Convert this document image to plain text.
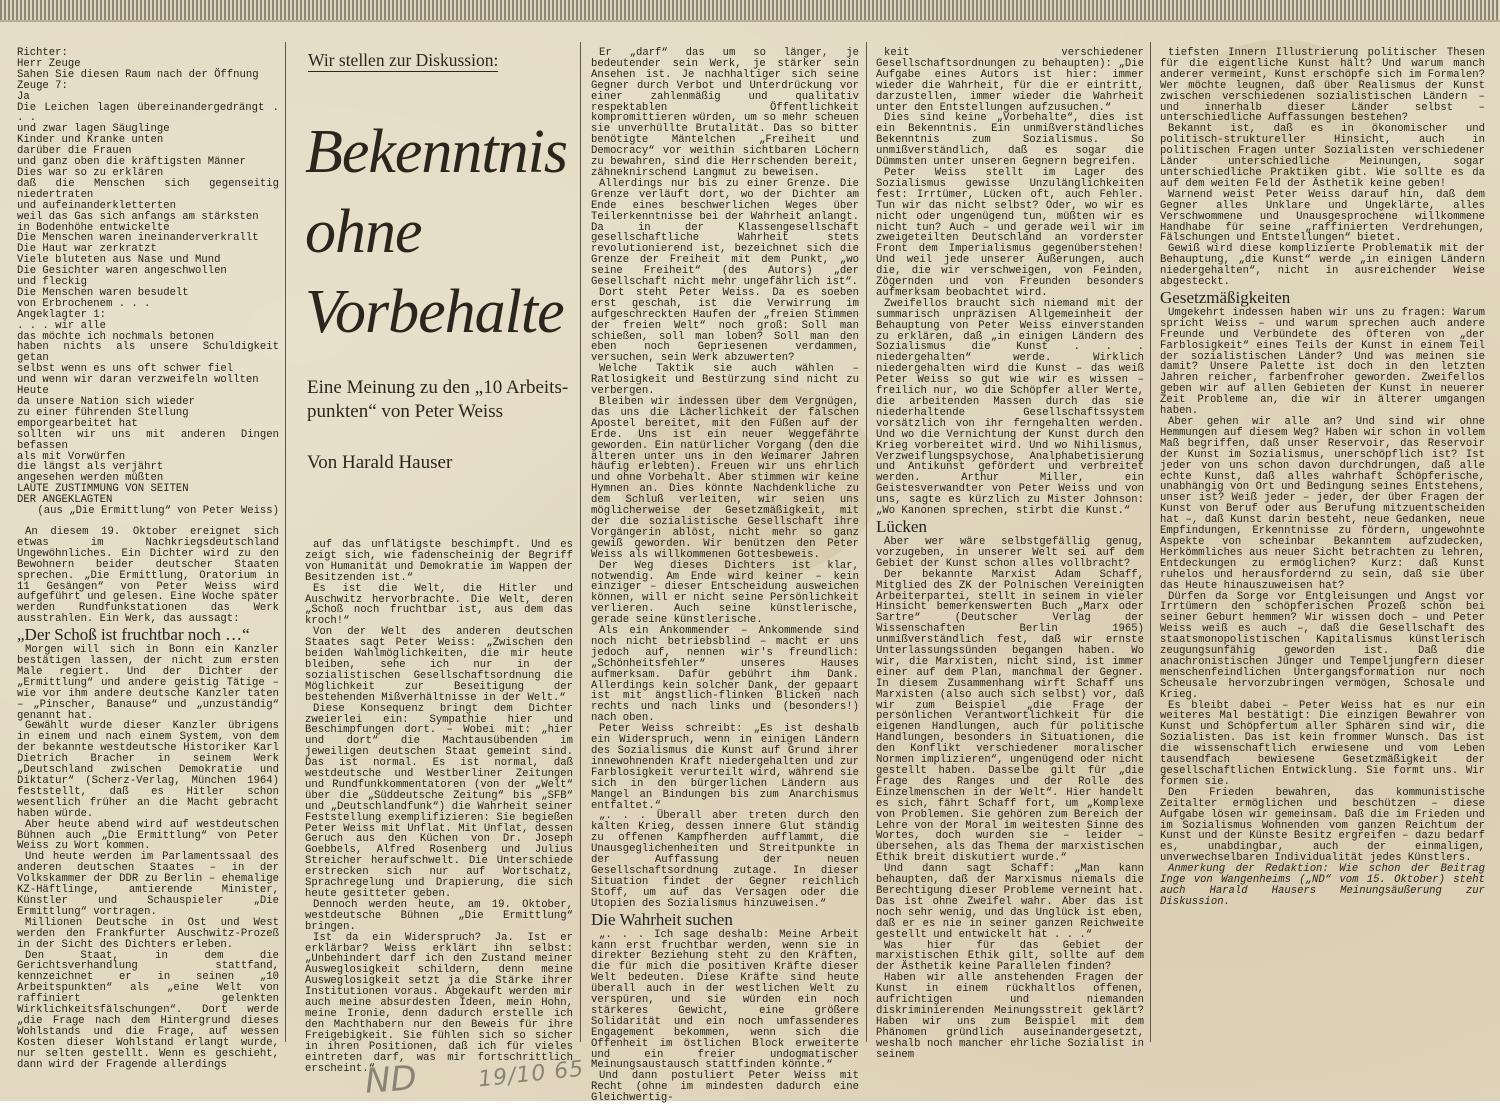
Richter:
Herr Zeuge
Sahen Sie diesen Raum nach der Öffnung
Zeuge 7:
Ja
Die Leichen lagen übereinandergedrängt . . .
und zwar lagen Säuglinge
Kinder und Kranke unten
darüber die Frauen
und ganz oben die kräftigsten Männer
Dies war so zu erklären
daß die Menschen sich gegenseitig niedertraten
und aufeinanderkletterten
weil das Gas sich anfangs am stärksten
in Bodenhöhe entwickelte
Die Menschen waren ineinanderverkrallt
Die Haut war zerkratzt
Viele bluteten aus Nase und Mund
Die Gesichter waren angeschwollen
und fleckig
Die Menschen waren besudelt
von Erbrochenem . . .
Angeklagter 1:
. . . wir alle
das möchte ich nochmals betonen
haben nichts als unsere Schuldigkeit getan
selbst wenn es uns oft schwer fiel
und wenn wir daran verzweifeln wollten
Heute
da unsere Nation sich wieder
zu einer führenden Stellung
emporgearbeitet hat
sollten wir uns mit anderen Dingen befassen
als mit Vorwürfen
die längst als verjährt
angesehen werden müßten

LAUTE ZUSTIMMUNG VON SEITEN

DER ANGEKLAGTEN

(aus „Die Ermittlung“ von Peter Weiss)

An diesem 19. Oktober ereignet sich etwas im Nachkriegsdeutschland Ungewöhnliches. Ein Dichter wird zu den Bewohnern beider deutscher Staaten sprechen. „Die Ermittlung, Oratorium in 11 Gesängen“ von Peter Weiss wird aufgeführt und gelesen. Eine Woche später werden Rundfunkstationen das Werk ausstrahlen. Ein Werk, das aussagt:

„Der Schoß ist fruchtbar noch …“

Morgen will sich in Bonn ein Kanzler bestätigen lassen, der nicht zum ersten Male regiert. Und der Dichter der „Ermittlung“ und andere geistig Tätige – wie vor ihm andere deutsche Kanzler taten – „Pinscher, Banause“ und „unzuständig“ genannt hat.

Gewählt wurde dieser Kanzler übrigens in einem und nach einem System, von dem der bekannte westdeutsche Historiker Karl Dietrich Bracher in seinem Werk „Deutschland zwischen Demokratie und Diktatur“ (Scherz-Verlag, München 1964) feststellt, daß es Hitler schon wesentlich früher an die Macht gebracht haben würde.

Aber heute abend wird auf westdeutschen Bühnen auch „Die Ermittlung“ von Peter Weiss zu Wort kommen.

Und heute werden im Parlamentssaal des anderen deutschen Staates – in der Volkskammer der DDR zu Berlin – ehemalige KZ-Häftlinge, amtierende Minister, Künstler und Schauspieler „Die Ermittlung“ vortragen.

Millionen Deutsche in Ost und West werden den Frankfurter Auschwitz-Prozeß in der Sicht des Dichters erleben.

Den Staat, in dem die Gerichtsverhandlung stattfand, kennzeichnet er in seinen „10 Arbeitspunkten“ als „eine Welt von raffiniert gelenkten Wirklichkeitsfälschungen“. Dort werde „die Frage nach dem Hintergrund dieses Wohlstands und die Frage, auf wessen Kosten dieser Wohlstand erlangt wurde, nur selten gestellt. Wenn es geschieht, dann wird der Fragende allerdings

Wir stellen zur Diskussion:
Bekenntnis
ohne
Vorbehalte
Eine Meinung zu den „10 Arbeitspunkten“ von Peter Weiss
Von Harald Hauser

auf das unflätigste beschimpft. Und es zeigt sich, wie fadenscheinig der Begriff von Humanität und Demokratie im Wappen der Besitzenden ist.“

Es ist die Welt, die Hitler und Auschwitz hervorbrachte. Die Welt, deren „Schoß noch fruchtbar ist, aus dem das kroch!“

Von der Welt des anderen deutschen Staates sagt Peter Weiss: „Zwischen den beiden Wahlmöglichkeiten, die mir heute bleiben, sehe ich nur in der sozialistischen Gesellschaftsordnung die Möglichkeit zur Beseitigung der bestehenden Mißverhältnisse in der Welt.“

Diese Konsequenz bringt dem Dichter zweierlei ein: Sympathie hier und Beschimpfungen dort. – Wobei mit: „hier und dort“ die Machtausübenden im jeweiligen deutschen Staat gemeint sind. Das ist normal. Es ist normal, daß westdeutsche und Westberliner Zeitungen und Rundfunkkommentatoren (von der „Welt“ über die „Süddeutsche Zeitung“ bis „SFB“ und „Deutschlandfunk“) die Wahrheit seiner Feststellung exemplifizieren: Sie begießen Peter Weiss mit Unflat. Mit Unflat, dessen Geruch aus den Küchen von Dr. Joseph Goebbels, Alfred Rosenberg und Julius Streicher heraufschwelt. Die Unterschiede erstrecken sich nur auf Wortschatz, Sprachregelung und Drapierung, die sich heute gesitteter geben.

Dennoch werden heute, am 19. Oktober, westdeutsche Bühnen „Die Ermittlung“ bringen.

Ist da ein Widerspruch? Ja. Ist er erklärbar? Weiss erklärt ihn selbst: „Unbehindert darf ich den Zustand meiner Ausweglosigkeit schildern, denn meine Ausweglosigkeit setzt ja die Stärke ihrer Institutionen voraus. Abgekauft werden mir auch meine absurdesten Ideen, mein Hohn, meine Ironie, denn dadurch erstelle ich den Machthabern nur den Beweis für ihre Freigebigkeit. Sie fühlen sich so sicher in ihren Positionen, daß ich für vieles eintreten darf, was mir fortschrittlich erscheint.“

Er „darf“ das um so länger, je bedeutender sein Werk, je stärker sein Ansehen ist. Je nachhaltiger sich seine Gegner durch Verbot und Unterdrückung vor einer zahlenmäßig und qualitativ respektablen Öffentlichkeit kompromittieren würden, um so mehr scheuen sie unverhüllte Brutalität. Das so bitter benötigte Mäntelchen „Freiheit und Democracy“ vor weithin sichtbaren Löchern zu bewahren, sind die Herrschenden bereit, zähneknirschend Langmut zu beweisen.

Allerdings nur bis zu einer Grenze. Die Grenze verläuft dort, wo der Dichter am Ende eines beschwerlichen Weges über Teilerkenntnisse bei der Wahrheit anlangt. Da in der Klassengesellschaft gesellschaftliche Wahrheit stets revolutionierend ist, bezeichnet sich die Grenze der Freiheit mit dem Punkt, „wo seine Freiheit“ (des Autors) „der Gesellschaft nicht mehr ungefährlich ist“.

Dort steht Peter Weiss. Da es soeben erst geschah, ist die Verwirrung im aufgeschreckten Haufen der „freien Stimmen der freien Welt“ noch groß: Soll man schießen, soll man loben? Soll man den eben noch Gepriesenen verdammen, versuchen, sein Werk abzuwerten?

Welche Taktik sie auch wählen – Ratlosigkeit und Bestürzung sind nicht zu verbergen.

Bleiben wir indessen über dem Vergnügen, das uns die Lächerlichkeit der falschen Apostel bereitet, mit den Füßen auf der Erde. Uns ist ein neuer Weggefährte geworden. Ein natürlicher Vorgang (den die älteren unter uns in den Weimarer Jahren häufig erlebten). Freuen wir uns ehrlich und ohne Vorbehalt. Aber stimmen wir keine Hymnen an. Dies könnte Nachdenkliche zu dem Schluß verleiten, wir seien uns möglicherweise der Gesetzmäßigkeit, mit der die sozialistische Gesellschaft ihre Vorgängerin ablöst, nicht mehr so ganz gewiß geworden. Wir benützen den Peter Weiss als willkommenen Gottesbeweis.

Der Weg dieses Dichters ist klar, notwendig. Am Ende wird keiner – kein einziger – dieser Entscheidung ausweichen können, will er nicht seine Persönlichkeit verlieren. Auch seine künstlerische, gerade seine künstlerische.

Als ein Ankommender – Ankommende sind noch nicht betriebsblind – macht er uns jedoch auf, nennen wir's freundlich: „Schönheitsfehler“ unseres Hauses aufmerksam. Dafür gebührt ihm Dank. Allerdings kein solcher Dank, der gepaart ist mit ängstlich-flinken Blicken nach rechts und nach links und (besonders!) nach oben.

Peter Weiss schreibt: „Es ist deshalb ein Widerspruch, wenn in einigen Ländern des Sozialismus die Kunst auf Grund ihrer innewohnenden Kraft niedergehalten und zur Farblosigkeit verurteilt wird, während sie sich in den bürgerlichen Ländern aus Mangel an Bindungen bis zum Anarchismus entfaltet.“

„. . . Überall aber treten durch den kalten Krieg, dessen innere Glut ständig zu offenen Kampfherden aufflammt, die Unausgeglichenheiten und Streitpunkte in der Auffassung der neuen Gesellschaftsordnung zutage. In dieser Situation findet der Gegner reichlich Stoff, um auf das Versagen oder die Utopien des Sozialismus hinzuweisen.“

Die Wahrheit suchen

„. . . Ich sage deshalb: Meine Arbeit kann erst fruchtbar werden, wenn sie in direkter Beziehung steht zu den Kräften, die für mich die positiven Kräfte dieser Welt bedeuten. Diese Kräfte sind heute überall auch in der westlichen Welt zu verspüren, und sie würden ein noch stärkeres Gewicht, eine größere Solidarität und ein noch umfassenderes Engagement bekommen, wenn sich die Offenheit im östlichen Block erweiterte und ein freier undogmatischer Meinungsaustausch stattfinden könnte.“

Und dann postuliert Peter Weiss mit Recht (ohne im mindesten dadurch eine Gleichwertig-

keit verschiedener Gesellschaftsordnungen zu behaupten): „Die Aufgabe eines Autors ist hier: immer wieder die Wahrheit, für die er eintritt, darzustellen, immer wieder die Wahrheit unter den Entstellungen aufzusuchen.“

Dies sind keine „Vorbehalte“, dies ist ein Bekenntnis. Ein unmißverständliches Bekenntnis zum Sozialismus. So unmißverständlich, daß es sogar die Dümmsten unter unseren Gegnern begreifen.

Peter Weiss stellt im Lager des Sozialismus gewisse Unzulänglichkeiten fest: Irrtümer, Lücken oft, auch Fehler. Tun wir das nicht selbst? Oder, wo wir es nicht oder ungenügend tun, müßten wir es nicht tun? Auch – und gerade weil wir im zweigeteilten Deutschland an vorderster Front dem Imperialismus gegenüberstehen! Und weil jede unserer Äußerungen, auch die, die wir verschweigen, von Feinden, Zögernden und von Freunden besonders aufmerksam beobachtet wird.

Zweifellos braucht sich niemand mit der summarisch unpräzisen Allgemeinheit der Behauptung von Peter Weiss einverstanden zu erklären, daß „in einigen Ländern des Sozialismus die Kunst . . . niedergehalten“ werde. Wirklich niedergehalten wird die Kunst – das weiß Peter Weiss so gut wie wir es wissen – freilich nur, wo die Schöpfer aller Werte, die arbeitenden Massen durch das sie niederhaltende Gesellschaftssystem vorsätzlich von ihr ferngehalten werden. Und wo die Vernichtung der Kunst durch den Krieg vorbereitet wird. Und wo Nihilismus, Verzweiflungspsychose, Analphabetisierung und Antikunst gefördert und verbreitet werden. Arthur Miller, ein Geistesverwandter von Peter Weiss und von uns, sagte es kürzlich zu Mister Johnson: „Wo Kanonen sprechen, stirbt die Kunst.“

Lücken

Aber wer wäre selbstgefällig genug, vorzugeben, in unserer Welt sei auf dem Gebiet der Kunst schon alles vollbracht?

Der bekannte Marxist Adam Schaff, Mitglied des ZK der Polnischen Vereinigten Arbeiterpartei, stellt in seinem in vieler Hinsicht bemerkenswerten Buch „Marx oder Sartre“ (Deutscher Verlag der Wissenschaften Berlin 1965) unmißverständlich fest, daß wir ernste Unterlassungssünden begangen haben. Wo wir, die Marxisten, nicht sind, ist immer einer auf dem Plan, manchmal der Gegner. In diesem Zusammenhang wirft Schaff uns Marxisten (also auch sich selbst) vor, daß wir zum Beispiel „die Frage der persönlichen Verantwortlichkeit für die eigenen Handlungen, auch für politische Handlungen, besonders in Situationen, die den Konflikt verschiedener moralischer Normen implizieren“, ungenügend oder nicht gestellt haben. Dasselbe gilt für „die Frage des Ranges und der Rolle des Einzelmenschen in der Welt“. Hier handelt es sich, fährt Schaff fort, um „Komplexe von Problemen. Sie gehören zum Bereich der Lehre von der Moral im weitesten Sinne des Wortes, doch wurden sie – leider – übersehen, als das Thema der marxistischen Ethik breit diskutiert wurde.“

Und dann sagt Schaff: „Man kann behaupten, daß der Marxismus niemals die Berechtigung dieser Probleme verneint hat. Das ist ohne Zweifel wahr. Aber das ist noch sehr wenig, und das Unglück ist eben, daß er es nie in seiner ganzen Reichweite gestellt und entwickelt hat . . .“

Was hier für das Gebiet der marxistischen Ethik gilt, sollte auf dem der Ästhetik keine Parallelen finden?

Haben wir alle anstehenden Fragen der Kunst in einem rückhaltlos offenen, aufrichtigen und niemanden diskriminierenden Meinungsstreit geklärt? Haben wir uns zum Beispiel mit dem Phänomen gründlich auseinandergesetzt, weshalb noch mancher ehrliche Sozialist in seinem

tiefsten Innern Illustrierung politischer Thesen für die eigentliche Kunst hält? Und warum manch anderer vermeint, Kunst erschöpfe sich im Formalen? Wer möchte leugnen, daß über Realismus der Kunst zwischen verschiedenen sozialistischen Ländern – und innerhalb dieser Länder selbst – unterschiedliche Auffassungen bestehen?

Bekannt ist, daß es in ökonomischer und politisch-struktureller Hinsicht, auch in politischen Fragen unter Sozialisten verschiedener Länder unterschiedliche Meinungen, sogar unterschiedliche Praktiken gibt. Wie sollte es da auf dem weiten Feld der Ästhetik keine geben!

Warnend weist Peter Weiss darauf hin, daß dem Gegner alles Unklare und Ungeklärte, alles Verschwommene und Unausgesprochene willkommene Handhabe für seine „raffinierten Verdrehungen, Fälschungen und Entstellungen“ bietet.

Gewiß wird diese komplizierte Problematik mit der Behauptung, „die Kunst“ werde „in einigen Ländern niedergehalten“, nicht in ausreichender Weise abgesteckt.

Gesetzmäßigkeiten

Umgekehrt indessen haben wir uns zu fragen: Warum spricht Weiss – und warum sprechen auch andere Freunde und Verbündete des öfteren von „der Farblosigkeit“ eines Teils der Kunst in einem Teil der sozialistischen Länder? Und was meinen sie damit? Unsere Palette ist doch in den letzten Jahren reicher, farbenfroher geworden. Zweifellos geben wir auf allen Gebieten der Kunst in neuerer Zeit Probleme an, die wir in älterer umgangen haben.

Aber gehen wir alle an? Und sind wir ohne Hemmungen auf diesem Weg? Haben wir schon in vollem Maß begriffen, daß unser Reservoir, das Reservoir der Kunst im Sozialismus, unerschöpflich ist? Ist jeder von uns schon davon durchdrungen, daß alle echte Kunst, daß alles wahrhaft Schöpferische, unabhängig von Ort und Bedingung seines Entstehens, unser ist? Weiß jeder – jeder, der über Fragen der Kunst von Beruf oder aus Berufung mitzuentscheiden hat –, daß Kunst darin besteht, neue Gedanken, neue Empfindungen, Erkenntnisse zu fördern, ungewohnte Aspekte von scheinbar Bekanntem aufzudecken, Herkömmliches aus neuer Sicht betrachten zu lehren, Entdeckungen zu ermöglichen? Kurz: daß Kunst ruhelos und herausfordernd zu sein, daß sie über das Heute hinauszuweisen hat?

Dürfen da Sorge vor Entgleisungen und Angst vor Irrtümern den schöpferischen Prozeß schon bei seiner Geburt hemmen? Wir wissen doch – und Peter Weiss weiß es auch –, daß die Gesellschaft des staatsmonopolistischen Kapitalismus künstlerisch zeugungsunfähig geworden ist. Daß die anachronistischen Jünger und Tempeljungfern dieser menschenfeindlichen Untergangsformation nur noch Scheusale hervorzubringen vermögen, Schosale und Krieg.

Es bleibt dabei – Peter Weiss hat es nur ein weiteres Mal bestätigt: Die einzigen Bewahrer von Kunst und Schöpfertum aller Sphären sind wir, die Sozialisten. Das ist kein frommer Wunsch. Das ist die wissenschaftlich erwiesene und vom Leben tausendfach bewiesene Gesetzmäßigkeit der gesellschaftlichen Entwicklung. Sie formt uns. Wir formen sie.

Den Frieden bewahren, das kommunistische Zeitalter ermöglichen und beschützen – diese Aufgabe lösen wir gemeinsam. Daß die im Frieden und im Sozialismus Wohnenden vom ganzen Reichtum der Kunst und der Künste Besitz ergreifen – dazu bedarf es, unabdingbar, auch der einmaligen, unverwechselbaren Individualität jedes Künstlers.

Anmerkung der Redaktion: Wie schon der Beitrag Inge von Wangenheims („ND“ vom 15. Oktober) steht auch Harald Hausers Meinungsäußerung zur Diskussion.

ND	19/10 65
